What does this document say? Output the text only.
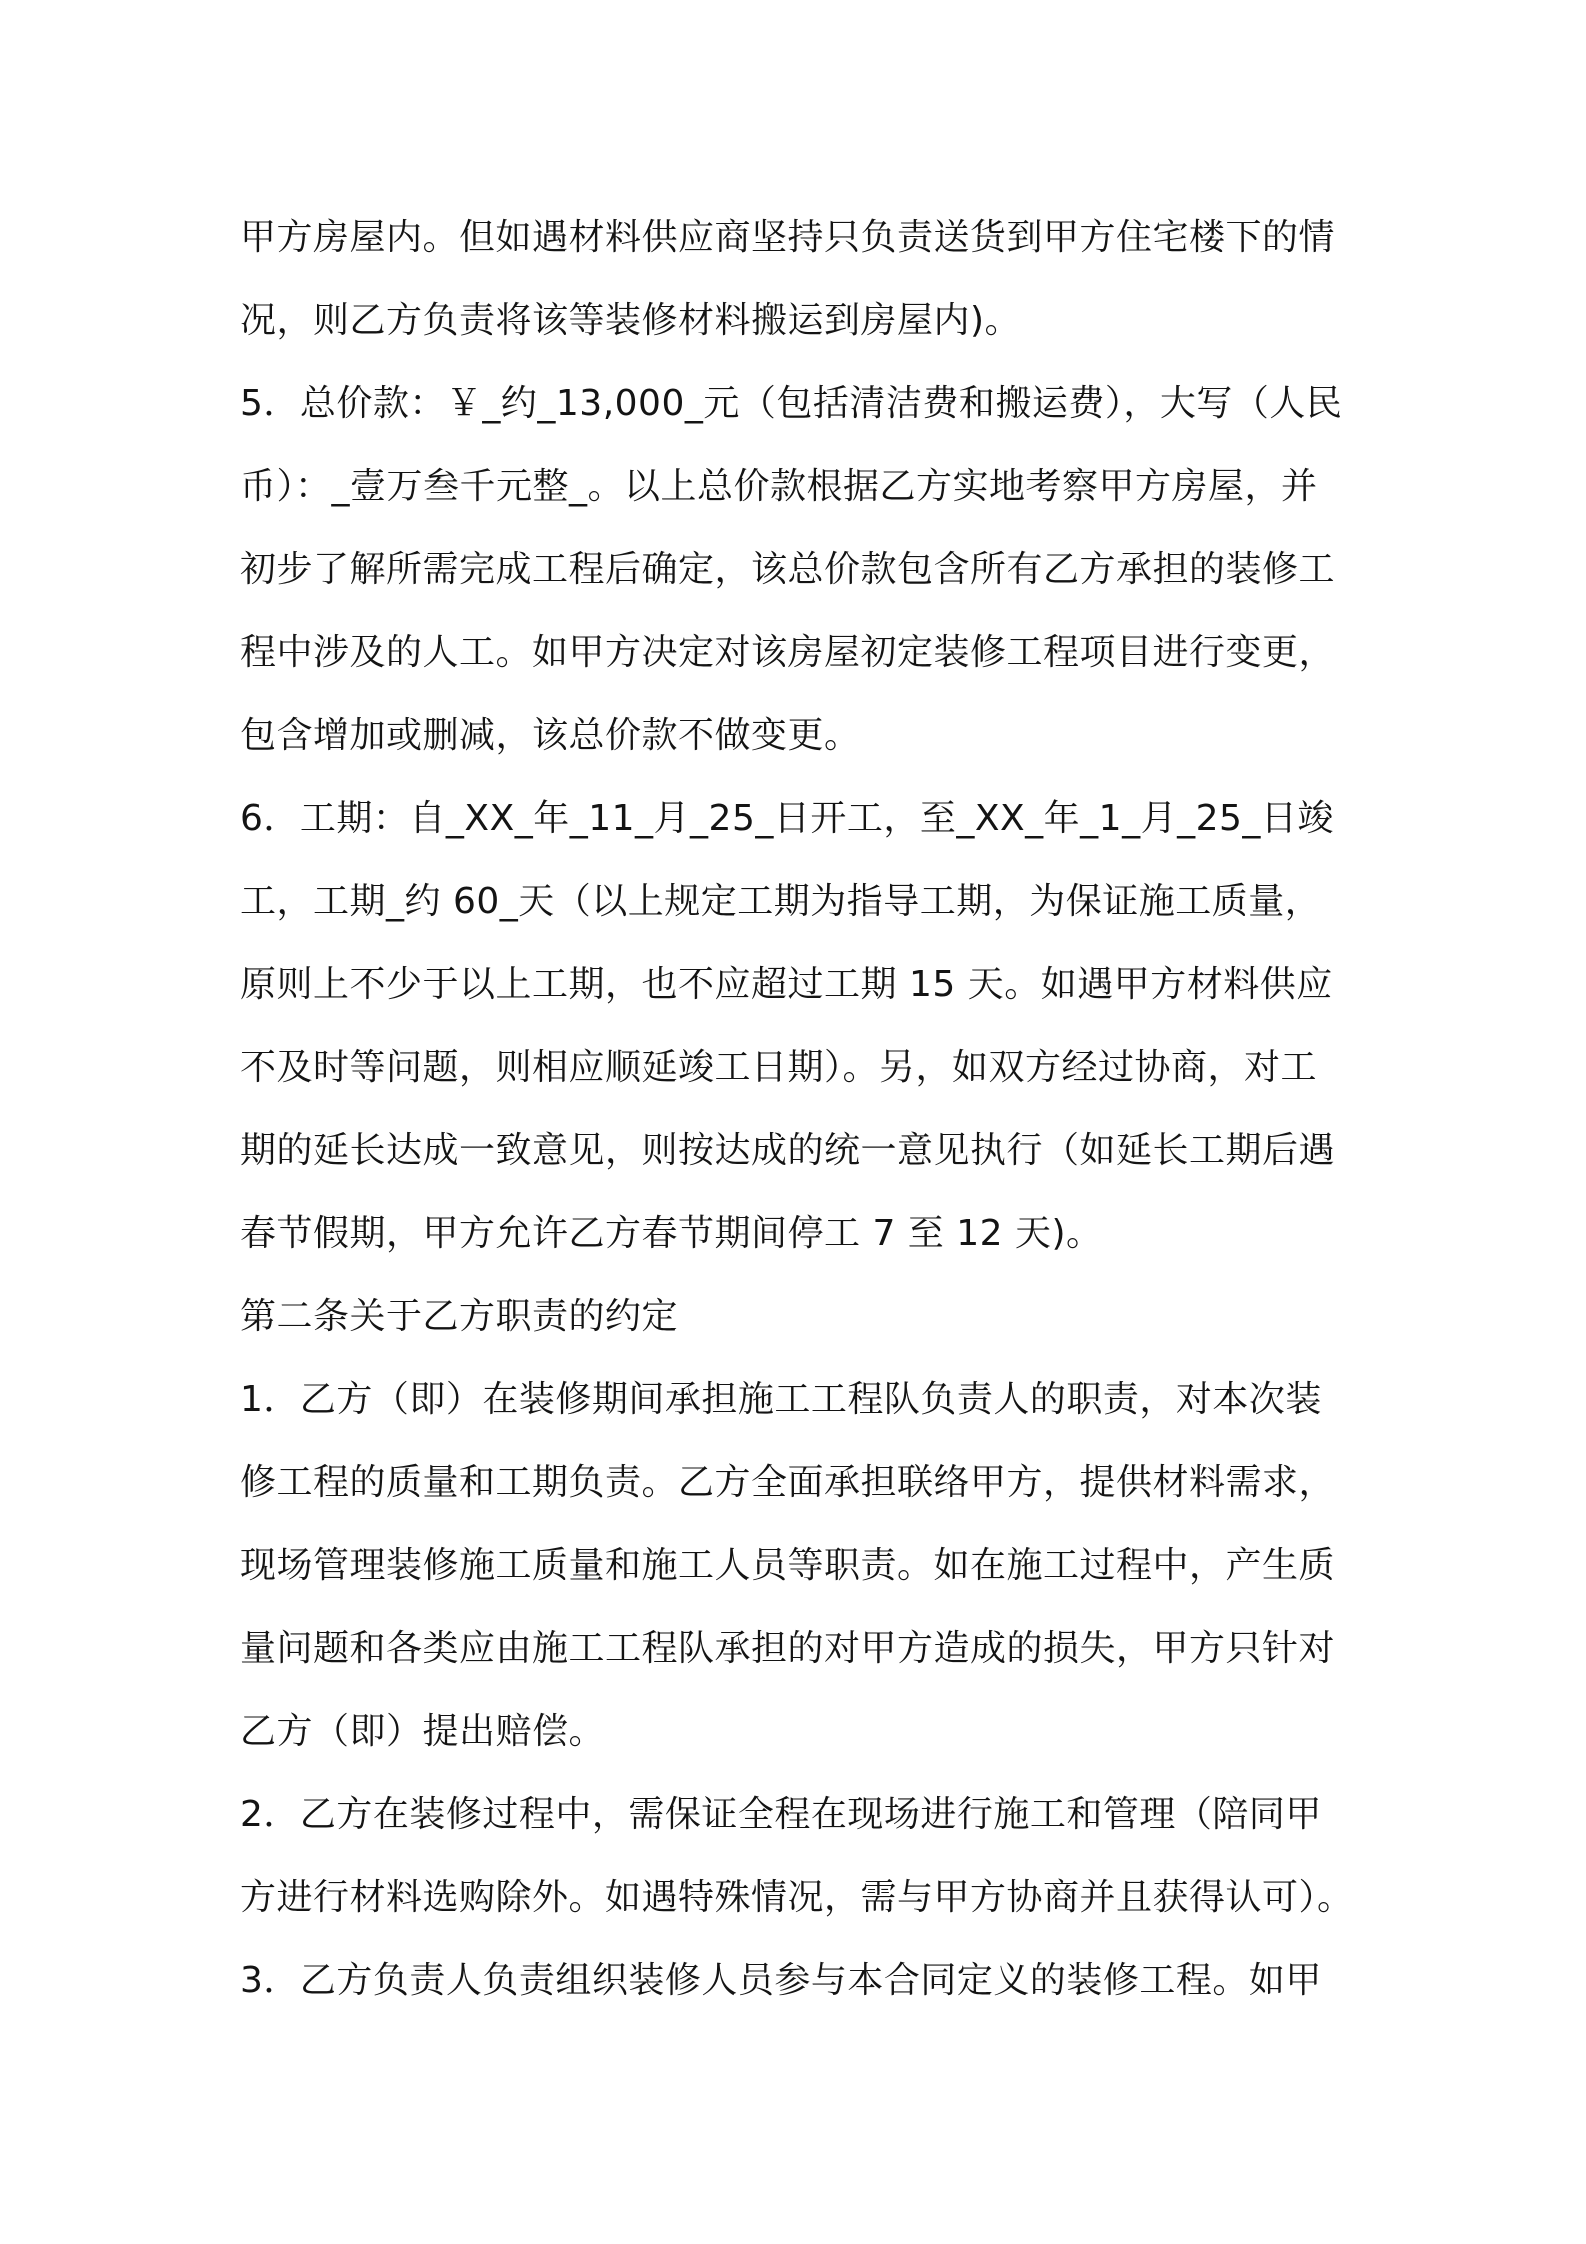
甲方房屋内。但如遇材料供应商坚持只负责送货到甲方住宅楼下的情
况，则乙方负责将该等装修材料搬运到房屋内)。
5．总价款：￥_约_13,000_元（包括清洁费和搬运费），大写（人民
币）：_壹万叁千元整_。以上总价款根据乙方实地考察甲方房屋，并
初步了解所需完成工程后确定，该总价款包含所有乙方承担的装修工
程中涉及的人工。如甲方决定对该房屋初定装修工程项目进行变更，
包含增加或删减，该总价款不做变更。
6．工期：自_XX_年_11_月_25_日开工，至_XX_年_1_月_25_日竣
工，工期_约 60_天（以上规定工期为指导工期，为保证施工质量，
原则上不少于以上工期，也不应超过工期 15 天。如遇甲方材料供应
不及时等问题，则相应顺延竣工日期）。另，如双方经过协商，对工
期的延长达成一致意见，则按达成的统一意见执行（如延长工期后遇
春节假期，甲方允许乙方春节期间停工 7 至 12 天)。
第二条关于乙方职责的约定
1．乙方（即）在装修期间承担施工工程队负责人的职责，对本次装
修工程的质量和工期负责。乙方全面承担联络甲方，提供材料需求，
现场管理装修施工质量和施工人员等职责。如在施工过程中，产生质
量问题和各类应由施工工程队承担的对甲方造成的损失，甲方只针对
乙方（即）提出赔偿。
2．乙方在装修过程中，需保证全程在现场进行施工和管理（陪同甲
方进行材料选购除外。如遇特殊情况，需与甲方协商并且获得认可）。
3．乙方负责人负责组织装修人员参与本合同定义的装修工程。如甲
